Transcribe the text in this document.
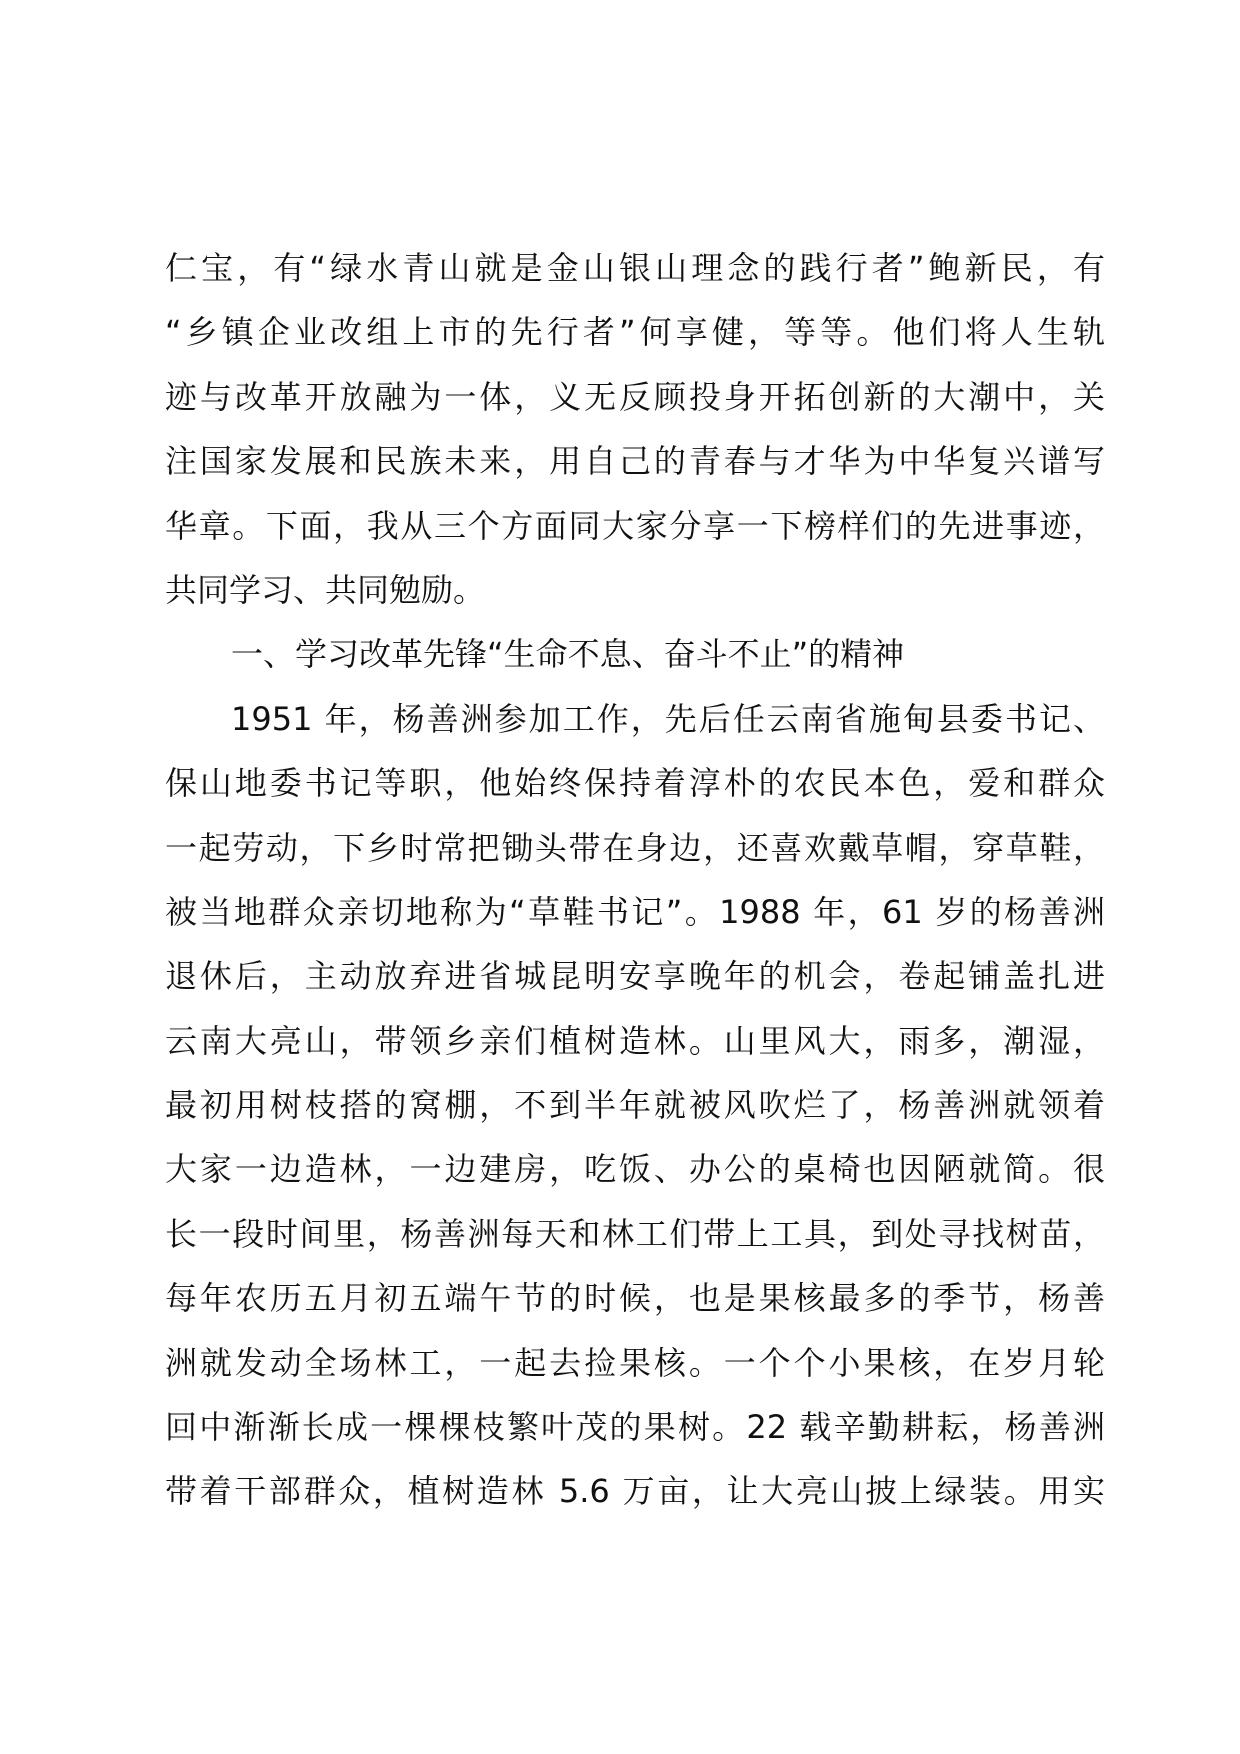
仁宝，有“绿水青山就是金山银山理念的践行者”鲍新民，有
“乡镇企业改组上市的先行者”何享健，等等。他们将人生轨
迹与改革开放融为一体，义无反顾投身开拓创新的大潮中，关
注国家发展和民族未来，用自己的青春与才华为中华复兴谱写
华章。下面，我从三个方面同大家分享一下榜样们的先进事迹，
共同学习、共同勉励。
一、学习改革先锋“生命不息、奋斗不止”的精神
1951 年，杨善洲参加工作，先后任云南省施甸县委书记、
保山地委书记等职，他始终保持着淳朴的农民本色，爱和群众
一起劳动，下乡时常把锄头带在身边，还喜欢戴草帽，穿草鞋，
被当地群众亲切地称为“草鞋书记”。1988 年，61 岁的杨善洲
退休后，主动放弃进省城昆明安享晚年的机会，卷起铺盖扎进
云南大亮山，带领乡亲们植树造林。山里风大，雨多，潮湿，
最初用树枝搭的窝棚，不到半年就被风吹烂了，杨善洲就领着
大家一边造林，一边建房，吃饭、办公的桌椅也因陋就简。很
长一段时间里，杨善洲每天和林工们带上工具，到处寻找树苗，
每年农历五月初五端午节的时候，也是果核最多的季节，杨善
洲就发动全场林工，一起去捡果核。一个个小果核，在岁月轮
回中渐渐长成一棵棵枝繁叶茂的果树。22 载辛勤耕耘，杨善洲
带着干部群众，植树造林 5.6 万亩，让大亮山披上绿装。用实
